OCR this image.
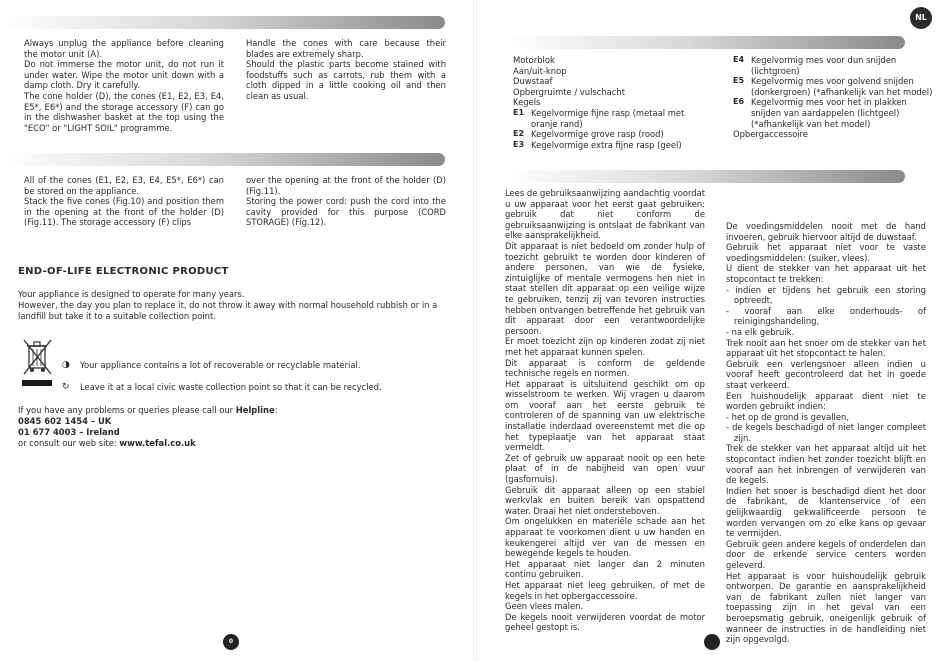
Always unplug the appliance before cleaning the motor unit (A).

Do not immerse the motor unit, do not run it under water. Wipe the motor unit down with a damp cloth. Dry it carefully.

The cone holder (D), the cones (E1, E2, E3, E4, E5*, E6*) and the storage accessory (F) can go in the dishwasher basket at the top using the "ECO" or "LIGHT SOIL" programme.

Handle the cones with care because their blades are extremely sharp.

Should the plastic parts become stained with foodstuffs such as carrots, rub them with a cloth dipped in a little cooking oil and then clean as usual.

All of the cones (E1, E2, E3, E4, E5*, E6*) can be stored on the appliance.

Stack the five cones (Fig.10) and position them in the opening at the front of the holder (D) (Fig.11). The storage accessory (F) clips

over the opening at the front of the holder (D) (Fig.11).

Storing the power cord: push the cord into the cavity provided for this purpose (CORD STORAGE) (Fig.12).

END-OF-LIFE ELECTRONIC PRODUCT

Your appliance is designed to operate for many years.

However, the day you plan to replace it, do not throw it away with normal household rubbish or in a landfill but take it to a suitable collection point.

◑ Your appliance contains a lot of recoverable or recyclable material.
↻ Leave it at a local civic waste collection point so that it can be recycled.

If you have any problems or queries please call our Helpline:

0845 602 1454 – UK

01 677 4003 – Ireland

or consult our web site: www.tefal.co.uk

0
NL
Motorblok
Aan/uit-knop
Duwstaaf
Opbergruimte / vulschacht
Kegels
E1 Kegelvormige fijne rasp (metaal met oranje rand)
E2 Kegelvormige grove rasp (rood)
E3 Kegelvormige extra fijne rasp (geel)
E4 Kegelvormig mes voor dun snijden (lichtgroen)
E5 Kegelvormig mes voor golvend snijden (donkergroen) (*afhankelijk van het model)
E6 Kegelvormig mes voor het in plakken snijden van aardappelen (lichtgeel) (*afhankelijk van het model)
Opbergaccessoire

Lees de gebruiksaanwijzing aandachtig voordat u uw apparaat voor het eerst gaat gebruiken: gebruik dat niet conform de gebruiksaanwijzing is ontslaat de fabrikant van elke aansprakelijkheid.

Dit apparaat is niet bedoeld om zonder hulp of toezicht gebruikt te worden door kinderen of andere personen, van wie de fysieke, zintuiglijke of mentale vermogens hen niet in staat stellen dit apparaat op een veilige wijze te gebruiken, tenzij zij van tevoren instructies hebben ontvangen betreffende het gebruik van dit apparaat door een verantwoordelijke persoon.

Er moet toezicht zijn op kinderen zodat zij niet met het apparaat kunnen spelen.

Dit apparaat is conform de geldende technische regels en normen.

Het apparaat is uitsluitend geschikt om op wisselstroom te werken. Wij vragen u daarom om vooraf aan het eerste gebruik te controleren of de spanning van uw elektrische installatie inderdaad overeenstemt met die op het typeplaatje van het apparaat staat vermeldt.

Zet of gebruik uw apparaat nooit op een hete plaat of in de nabijheid van open vuur (gasfornuis).

Gebruik dit apparaat alleen op een stabiel werkvlak en buiten bereik van opspattend water. Draai het niet ondersteboven.

Om ongelukken en materiële schade aan het apparaat te voorkomen dient u uw handen en keukengerei altijd ver van de messen en bewegende kegels te houden.

Het apparaat niet langer dan 2 minuten continu gebruiken.

Het apparaat niet leeg gebruiken, of met de kegels in het opbergaccessoire.

Geen vlees malen.

De kegels nooit verwijderen voordat de motor geheel gestopt is.

De voedingsmiddelen nooit met de hand invoeren, gebruik hiervoor altijd de duwstaaf.

Gebruik het apparaat niet voor te vaste voedingsmiddelen: (suiker, vlees).

U dient de stekker van het apparaat uit het stopcontact te trekken:

- indien er tijdens het gebruik een storing optreedt,

- vooraf aan elke onderhouds- of reinigingshandeling,

- na elk gebruik.

Trek nooit aan het snoer om de stekker van het apparaat uit het stopcontact te halen.

Gebruik een verlengsnoer alleen indien u vooraf heeft gecontroleerd dat het in goede staat verkeerd.

Een huishoudelijk apparaat dient niet te worden gebruikt indien:

- het op de grond is gevallen,

- de kegels beschadigd of niet langer compleet zijn.

Trek de stekker van het apparaat altijd uit het stopcontact indien het zonder toezicht blijft en vooraf aan het inbrengen of verwijderen van de kegels.

Indien het snoer is beschadigd dient het door de fabrikant, de klantenservice of een gelijkwaardig gekwalificeerde persoon te worden vervangen om zo elke kans op gevaar te vermijden.

Gebruik geen andere kegels of onderdelen dan door de erkende service centers worden geleverd.

Het apparaat is voor huishoudelijk gebruik ontworpen. De garantie en aansprakelijkheid van de fabrikant zullen niet langer van toepassing zijn in het geval van een beroepsmatig gebruik, oneigenlijk gebruik of wanneer de instructies in de handleiding niet zijn opgevolgd.
